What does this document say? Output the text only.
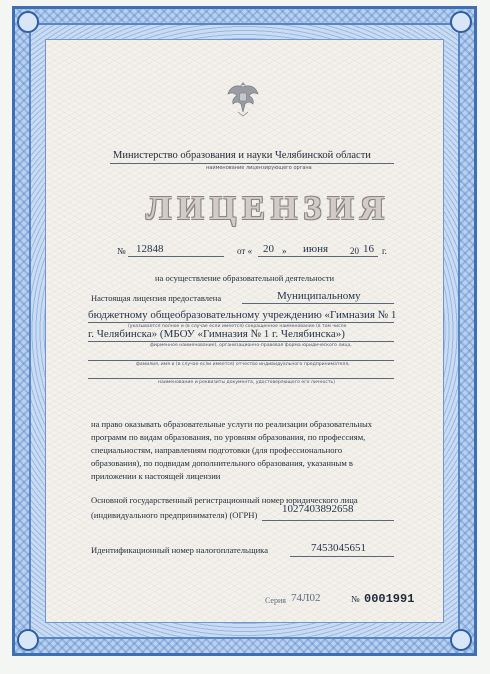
Министерство образования и науки Челябинской области
наименование лицензирующего органа
ЛИЦЕНЗИЯ
№ 12848	от « 20 » июня 20 16 г.
на осуществление образовательной деятельности
Настоящая лицензия предоставлена	Муниципальному
бюджетному общеобразовательному учреждению «Гимназия № 1
(указывается полное и (в случае если имеется) сокращенное наименование (в том числе
г. Челябинска» (МБОУ «Гимназия № 1 г. Челябинска»)
фирменное наименование), организационно-правовая форма юридического лица,
фамилия, имя и (в случае если имеется) отчество индивидуального предпринимателя,
наименование и реквизиты документа, удостоверяющего его личность)
на право оказывать образовательные услуги по реализации образовательных
программ по видам образования, по уровням образования, по профессиям,
специальностям, направлениям подготовки (для профессионального
образования), по подвидам дополнительного образования, указанным в
приложении к настоящей лицензии
Основной государственный регистрационный номер юридического лица
(индивидуального предпринимателя) (ОГРН) 1027403892658
Идентификационный номер налогоплательщика	7453045651
Серия 74Л02	№ 0001991
